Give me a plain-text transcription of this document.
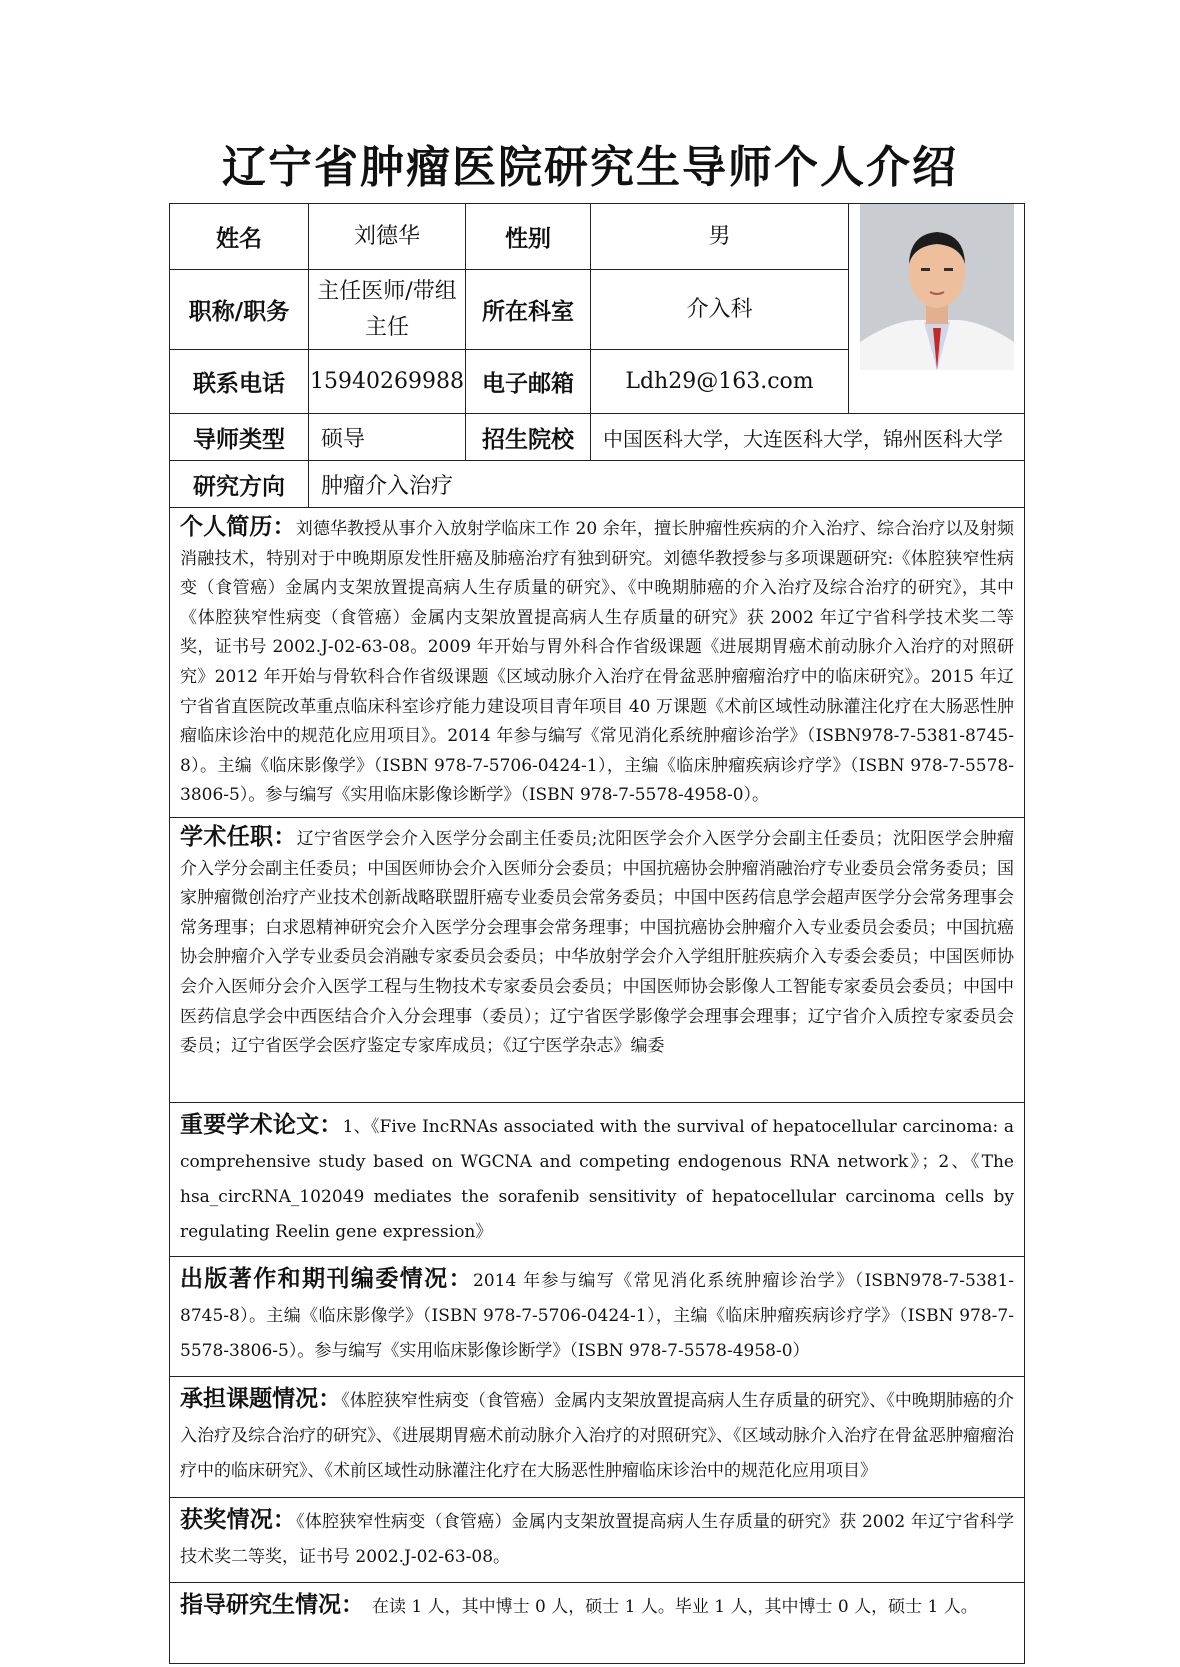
辽宁省肿瘤医院研究生导师个人介绍
姓名	刘德华	性别	男	

职称/职务	主任医师/带组主任	所在科室	介入科	
联系电话	15940269988	电子邮箱	Ldh29@163.com	
导师类型	硕导	招生院校	中国医科大学，大连医科大学，锦州医科大学	
研究方向	肿瘤介入治疗			
个人简历：刘德华教授从事介入放射学临床工作 20 余年，擅长肿瘤性疾病的介入治疗、综合治疗以及射频消融技术，特别对于中晚期原发性肝癌及肺癌治疗有独到研究。刘德华教授参与多项课题研究:《体腔狭窄性病变（食管癌）金属内支架放置提高病人生存质量的研究》、《中晚期肺癌的介入治疗及综合治疗的研究》，其中《体腔狭窄性病变（食管癌）金属内支架放置提高病人生存质量的研究》获 2002 年辽宁省科学技术奖二等奖，证书号 2002.J-02-63-08。2009 年开始与胃外科合作省级课题《进展期胃癌术前动脉介入治疗的对照研究》2012 年开始与骨软科合作省级课题《区域动脉介入治疗在骨盆恶肿瘤瘤治疗中的临床研究》。2015 年辽宁省省直医院改革重点临床科室诊疗能力建设项目青年项目 40 万课题《术前区域性动脉灌注化疗在大肠恶性肿瘤临床诊治中的规范化应用项目》。2014 年参与编写《常见消化系统肿瘤诊治学》（ISBN978-7-5381-8745-8）。主编《临床影像学》（ISBN 978-7-5706-0424-1），主编《临床肿瘤疾病诊疗学》（ISBN 978-7-5578-3806-5）。参与编写《实用临床影像诊断学》（ISBN 978-7-5578-4958-0）。				
学术任职：辽宁省医学会介入医学分会副主任委员;沈阳医学会介入医学分会副主任委员；沈阳医学会肿瘤介入学分会副主任委员；中国医师协会介入医师分会委员；中国抗癌协会肿瘤消融治疗专业委员会常务委员；国家肿瘤微创治疗产业技术创新战略联盟肝癌专业委员会常务委员；中国中医药信息学会超声医学分会常务理事会常务理事；白求恩精神研究会介入医学分会理事会常务理事；中国抗癌协会肿瘤介入专业委员会委员；中国抗癌协会肿瘤介入学专业委员会消融专家委员会委员；中华放射学会介入学组肝脏疾病介入专委会委员；中国医师协会介入医师分会介入医学工程与生物技术专家委员会委员；中国医师协会影像人工智能专家委员会委员；中国中医药信息学会中西医结合介入分会理事（委员）；辽宁省医学影像学会理事会理事；辽宁省介入质控专家委员会委员；辽宁省医学会医疗鉴定专家库成员；《辽宁医学杂志》编委				
重要学术论文：1、《Five IncRNAs associated with the survival of hepatocellular carcinoma: a comprehensive study based on WGCNA and competing endogenous RNA network》；2、《The hsa_circRNA_102049 mediates the sorafenib sensitivity of hepatocellular carcinoma cells by regulating Reelin gene expression》				
出版著作和期刊编委情况：2014 年参与编写《常见消化系统肿瘤诊治学》（ISBN978-7-5381-8745-8）。主编《临床影像学》（ISBN 978-7-5706-0424-1），主编《临床肿瘤疾病诊疗学》（ISBN 978-7-5578-3806-5）。参与编写《实用临床影像诊断学》（ISBN 978-7-5578-4958-0）				
承担课题情况：《体腔狭窄性病变（食管癌）金属内支架放置提高病人生存质量的研究》、《中晚期肺癌的介入治疗及综合治疗的研究》、《进展期胃癌术前动脉介入治疗的对照研究》、《区域动脉介入治疗在骨盆恶肿瘤瘤治疗中的临床研究》、《术前区域性动脉灌注化疗在大肠恶性肿瘤临床诊治中的规范化应用项目》				
获奖情况：《体腔狭窄性病变（食管癌）金属内支架放置提高病人生存质量的研究》获 2002 年辽宁省科学技术奖二等奖，证书号 2002.J-02-63-08。				
指导研究生情况： 在读 1 人，其中博士 0 人，硕士 1 人。毕业 1 人，其中博士 0 人，硕士 1 人。				
